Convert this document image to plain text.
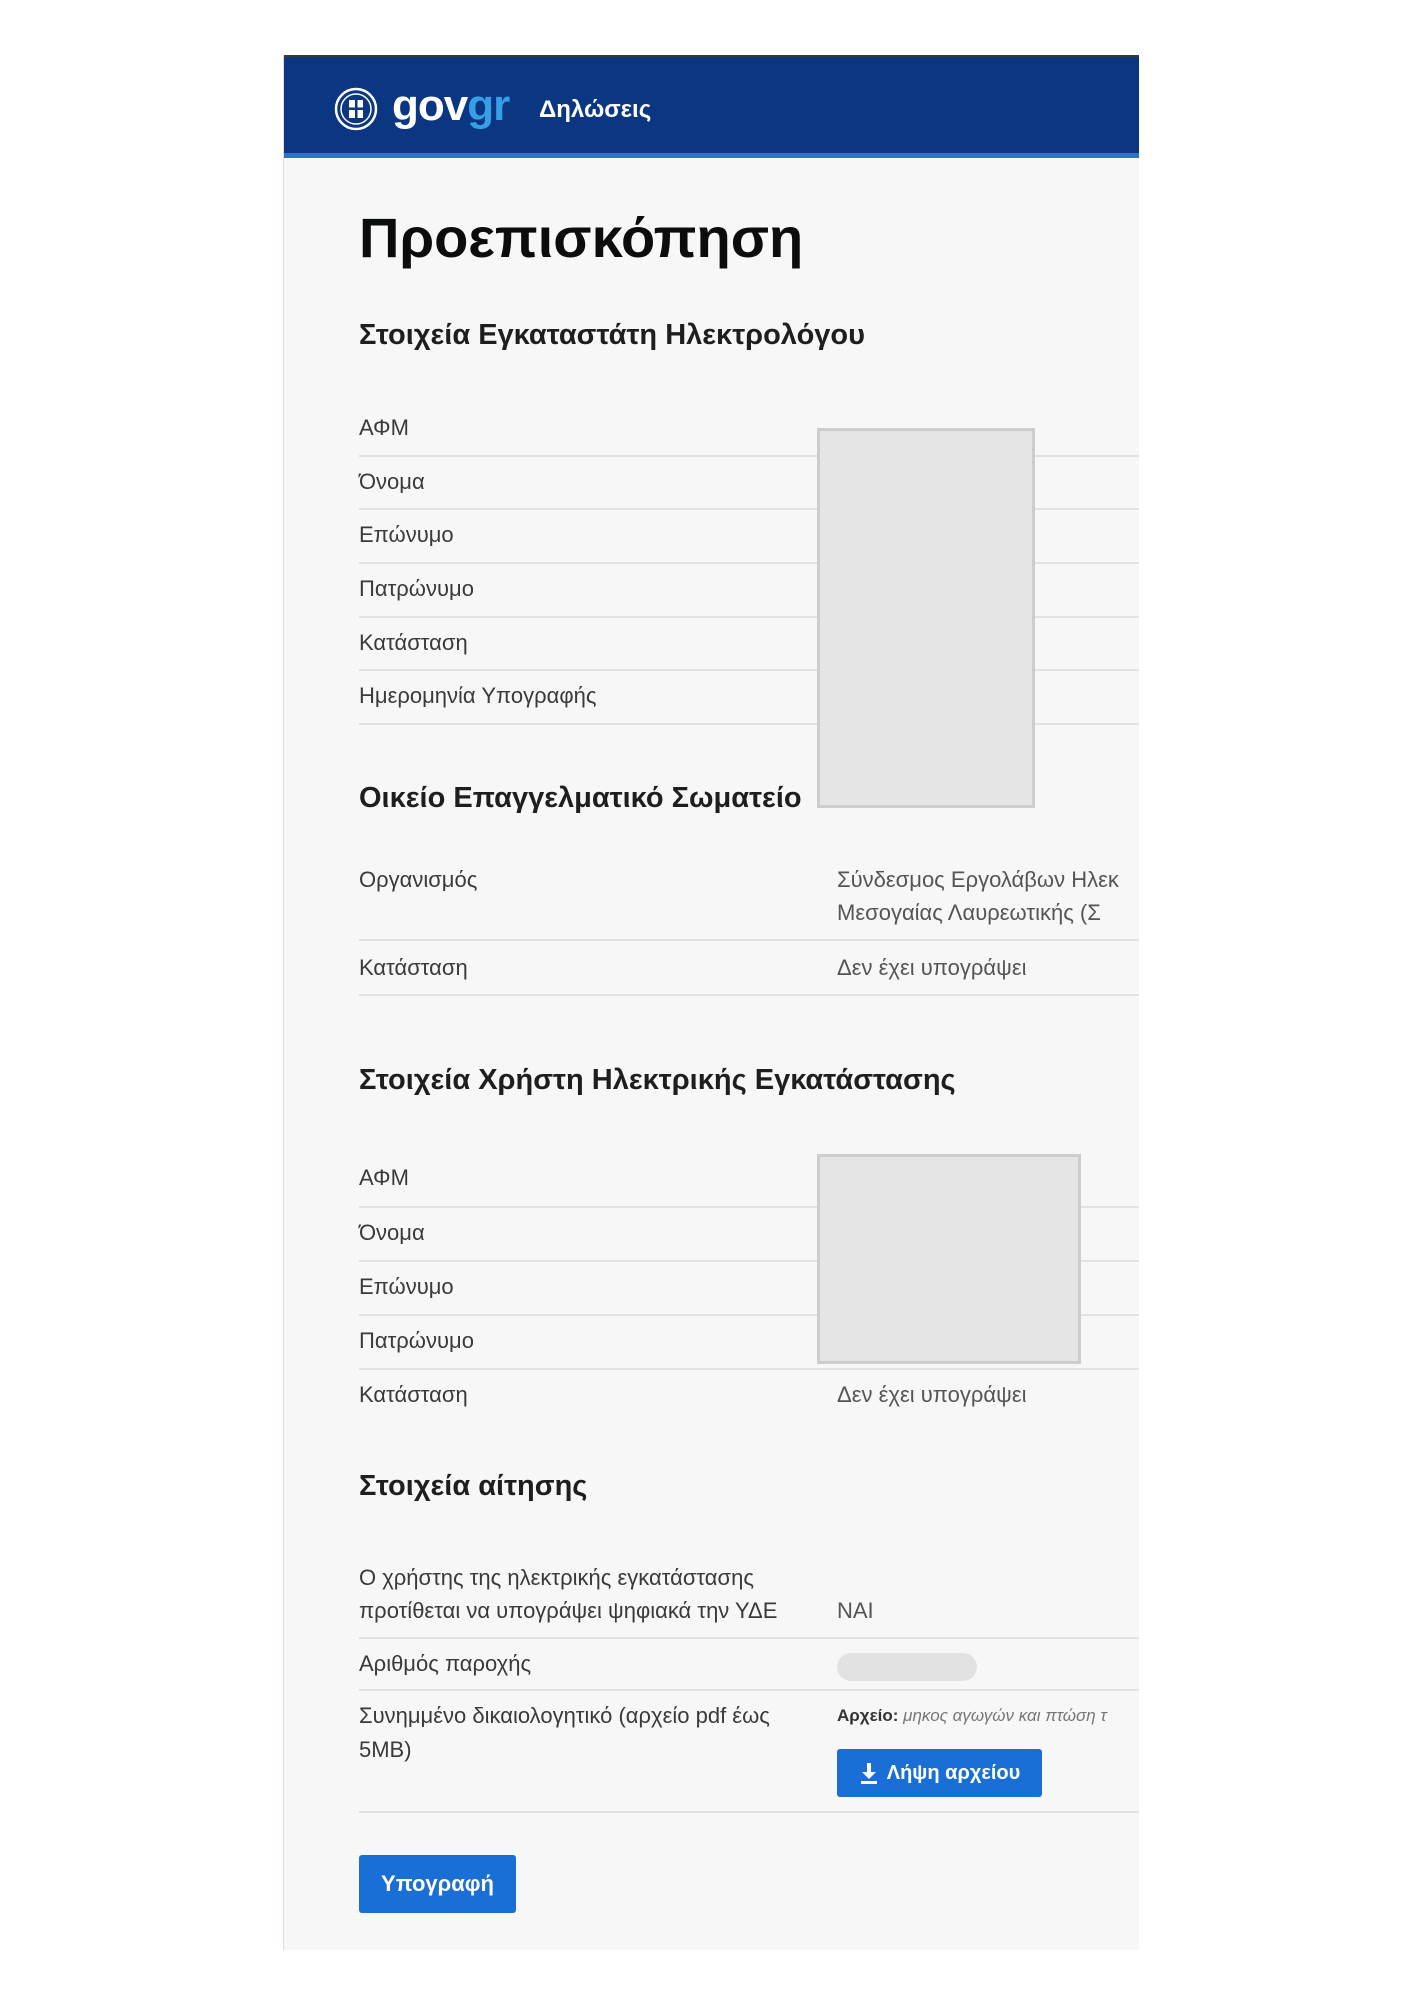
govgr Δηλώσεις
Προεπισκόπηση
Στοιχεία Εγκαταστάτη Ηλεκτρολόγου
ΑΦΜ
Όνομα
Επώνυμο
Πατρώνυμο
Κατάσταση
Ημερομηνία Υπογραφής
Οικείο Επαγγελματικό Σωματείο
Οργανισμός	Σύνδεσμος Εργολάβων Ηλεκ
Μεσογαίας Λαυρεωτικής (Σ
Κατάσταση	Δεν έχει υπογράψει
Στοιχεία Χρήστη Ηλεκτρικής Εγκατάστασης
ΑΦΜ
Όνομα
Επώνυμο
Πατρώνυμο
Κατάσταση	Δεν έχει υπογράψει
Στοιχεία αίτησης
Ο χρήστης της ηλεκτρικής εγκατάστασης
προτίθεται να υπογράψει ψηφιακά την ΥΔΕ	ΝΑΙ
Αριθμός παροχής
Συνημμένο δικαιολογητικό (αρχείο pdf έως
5MB)
Αρχείο: μηκος αγωγών και πτώση τ
Λήψη αρχείου
Υπογραφή
